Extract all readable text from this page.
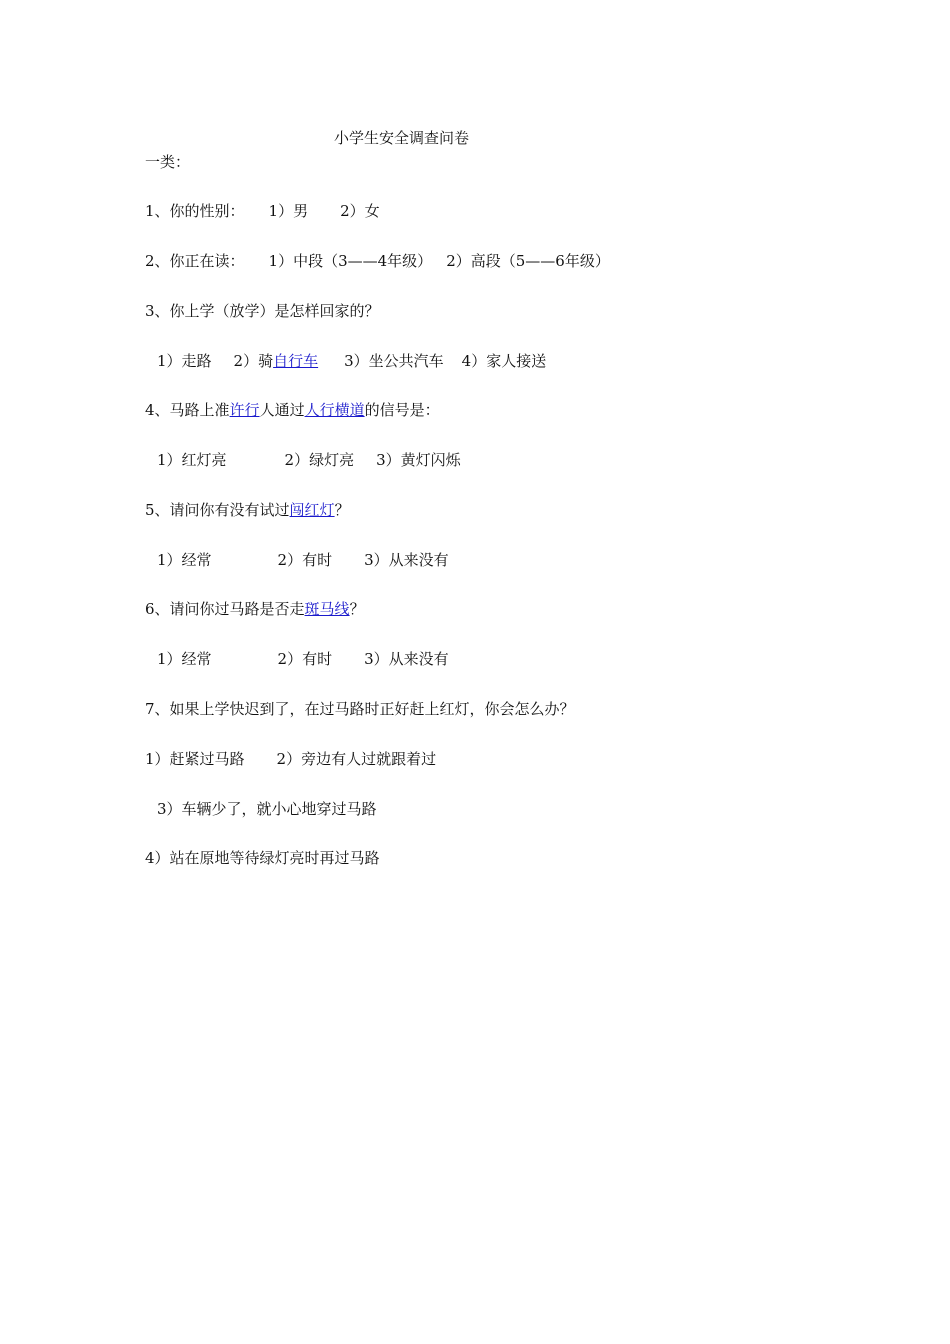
小学生安全调查问卷
一类：
1、你的性别： 1）男 2）女
2、你正在读： 1）中段（3——4年级） 2）高段（5——6年级）
3、你上学（放学）是怎样回家的？
1）走路 2）骑自行车 3）坐公共汽车 4）家人接送
4、马路上准许行人通过人行横道的信号是：
1）红灯亮	2）绿灯亮 3）黄灯闪烁
5、请问你有没有试过闯红灯？
1）经常	2）有时 3）从来没有
6、请问你过马路是否走斑马线？
1）经常	2）有时 3）从来没有
7、如果上学快迟到了，在过马路时正好赶上红灯，你会怎么办？
1）赶紧过马路 2）旁边有人过就跟着过
3）车辆少了，就小心地穿过马路
4）站在原地等待绿灯亮时再过马路
